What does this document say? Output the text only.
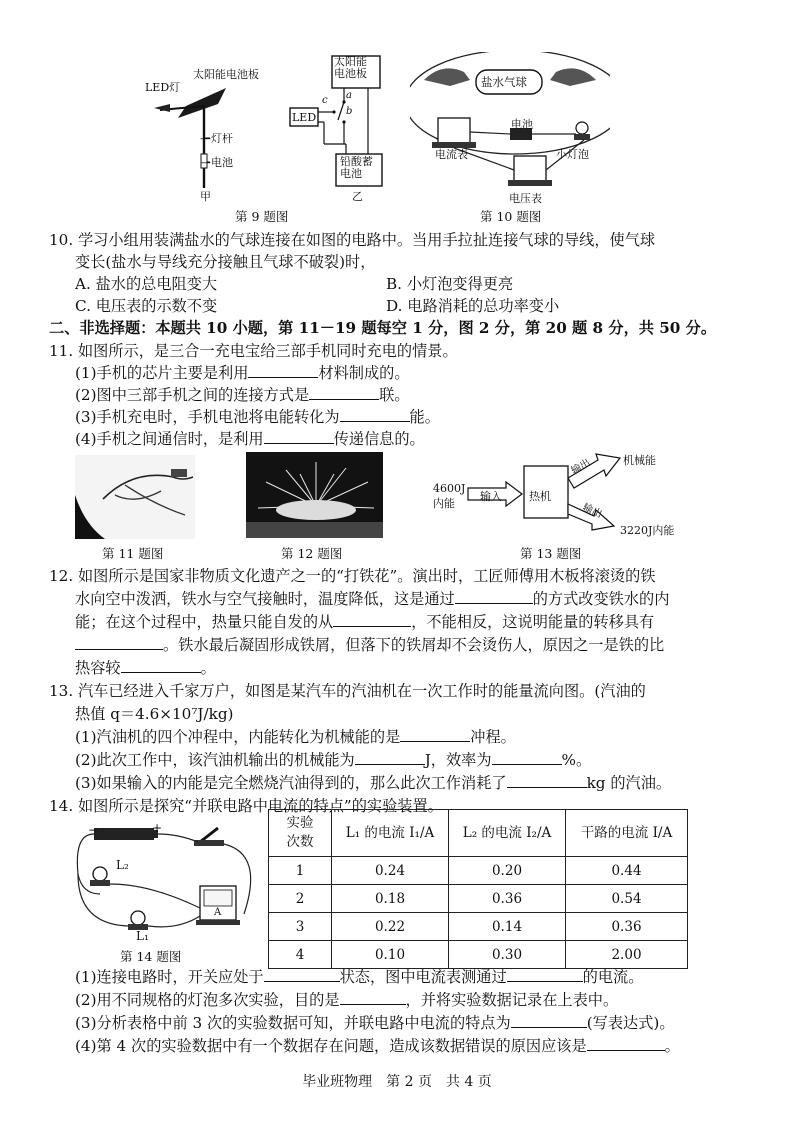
LED灯
太阳能电池板
—灯杆
—电池
甲
太阳能
电池板
LED
铅酸蓄
电池
c a
b
乙
第 9 题图
盐水气球
电流表
电池
小灯泡
电压表
第 10 题图
10. 学习小组用装满盐水的气球连接在如图的电路中。当用手拉扯连接气球的导线，使气球
变长(盐水与导线充分接触且气球不破裂)时，
A. 盐水的总电阻变大	B. 小灯泡变得更亮
C. 电压表的示数不变	D. 电路消耗的总功率变小
二、非选择题：本题共 10 小题，第 11－19 题每空 1 分，图 2 分，第 20 题 8 分，共 50 分。
11. 如图所示，是三合一充电宝给三部手机同时充电的情景。
(1)手机的芯片主要是利用	材料制成的。
(2)图中三部手机之间的连接方式是	联。
(3)手机充电时，手机电池将电能转化为	能。
(4)手机之间通信时，是利用	传递信息的。
第 11 题图	第 12 题图
4600J
内能
输入 热机
输出	机械能
输出
3220J内能
第 13 题图
12. 如图所示是国家非物质文化遗产之一的“打铁花”。演出时，工匠师傅用木板将滚烫的铁
水向空中泼洒，铁水与空气接触时，温度降低，这是通过	的方式改变铁水的内
能；在这个过程中，热量只能自发的从	，不能相反，这说明能量的转移具有
。铁水最后凝固形成铁屑，但落下的铁屑却不会烫伤人，原因之一是铁的比
热容较	。
13. 汽车已经进入千家万户，如图是某汽车的汽油机在一次工作时的能量流向图。(汽油的
热值 q＝4.6×10⁷J/kg)
(1)汽油机的四个冲程中，内能转化为机械能的是	冲程。
(2)此次工作中，该汽油机输出的机械能为	J，效率为	%。
(3)如果输入的内能是完全燃烧汽油得到的，那么此次工作消耗了	kg 的汽油。
14. 如图所示是探究“并联电路中电流的特点”的实验装置。
−	+
L₂
L₁
A
第 14 题图
实验次数	L₁ 的电流 I₁/A	L₂ 的电流 I₂/A	干路的电流 I/A
1	0.24	0.20	0.44
2	0.18	0.36	0.54
3	0.22	0.14	0.36
4	0.10	0.30	2.00
(1)连接电路时，开关应处于	状态，图中电流表测通过	的电流。
(2)用不同规格的灯泡多次实验，目的是	，并将实验数据记录在上表中。
(3)分析表格中前 3 次的实验数据可知，并联电路中电流的特点为	(写表达式)。
(4)第 4 次的实验数据中有一个数据存在问题，造成该数据错误的原因应该是	。
毕业班物理　第 2 页　共 4 页
